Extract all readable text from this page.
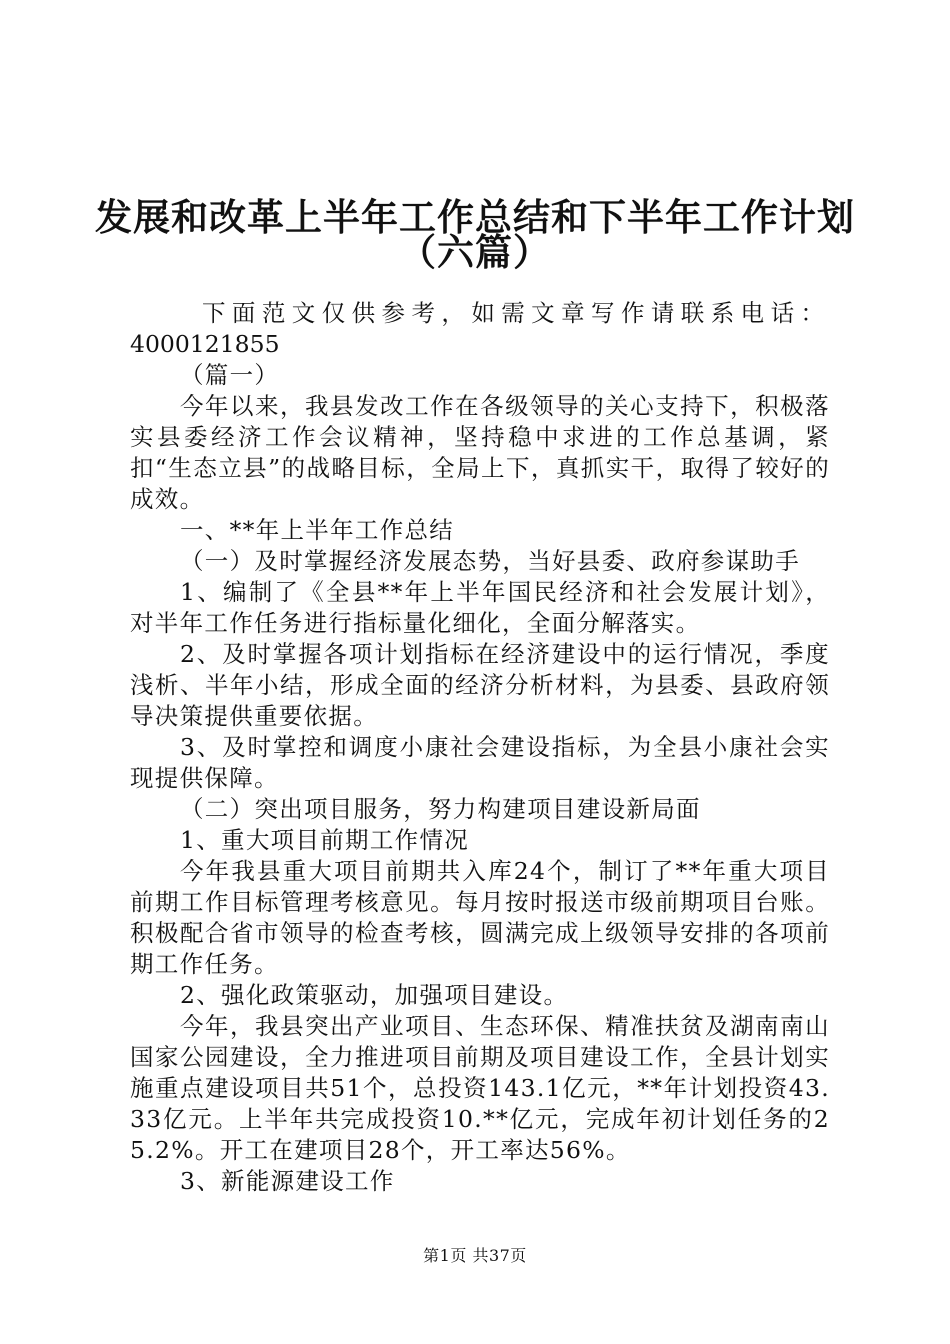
发展和改革上半年工作总结和下半年工作计划
（六篇）

下面范文仅供参考，如需文章写作请联系电话：

4000121855

（篇一）

今年以来，我县发改工作在各级领导的关心支持下，积极落实县委经济工作会议精神，坚持稳中求进的工作总基调，紧扣“生态立县”的战略目标，全局上下，真抓实干，取得了较好的成效。

一、**年上半年工作总结

（一）及时掌握经济发展态势，当好县委、政府参谋助手

1、编制了《全县**年上半年国民经济和社会发展计划》，对半年工作任务进行指标量化细化，全面分解落实。

2、及时掌握各项计划指标在经济建设中的运行情况，季度浅析、半年小结，形成全面的经济分析材料，为县委、县政府领导决策提供重要依据。

3、及时掌控和调度小康社会建设指标，为全县小康社会实现提供保障。

（二）突出项目服务，努力构建项目建设新局面

1、重大项目前期工作情况

今年我县重大项目前期共入库24个，制订了**年重大项目前期工作目标管理考核意见。每月按时报送市级前期项目台账。积极配合省市领导的检查考核，圆满完成上级领导安排的各项前期工作任务。

2、强化政策驱动，加强项目建设。

今年，我县突出产业项目、生态环保、精准扶贫及湖南南山国家公园建设，全力推进项目前期及项目建设工作，全县计划实施重点建设项目共51个，总投资143.1亿元，**年计划投资43.33亿元。上半年共完成投资10.**亿元，完成年初计划任务的25.2%。开工在建项目28个，开工率达56%。

3、新能源建设工作

第1页 共37页
